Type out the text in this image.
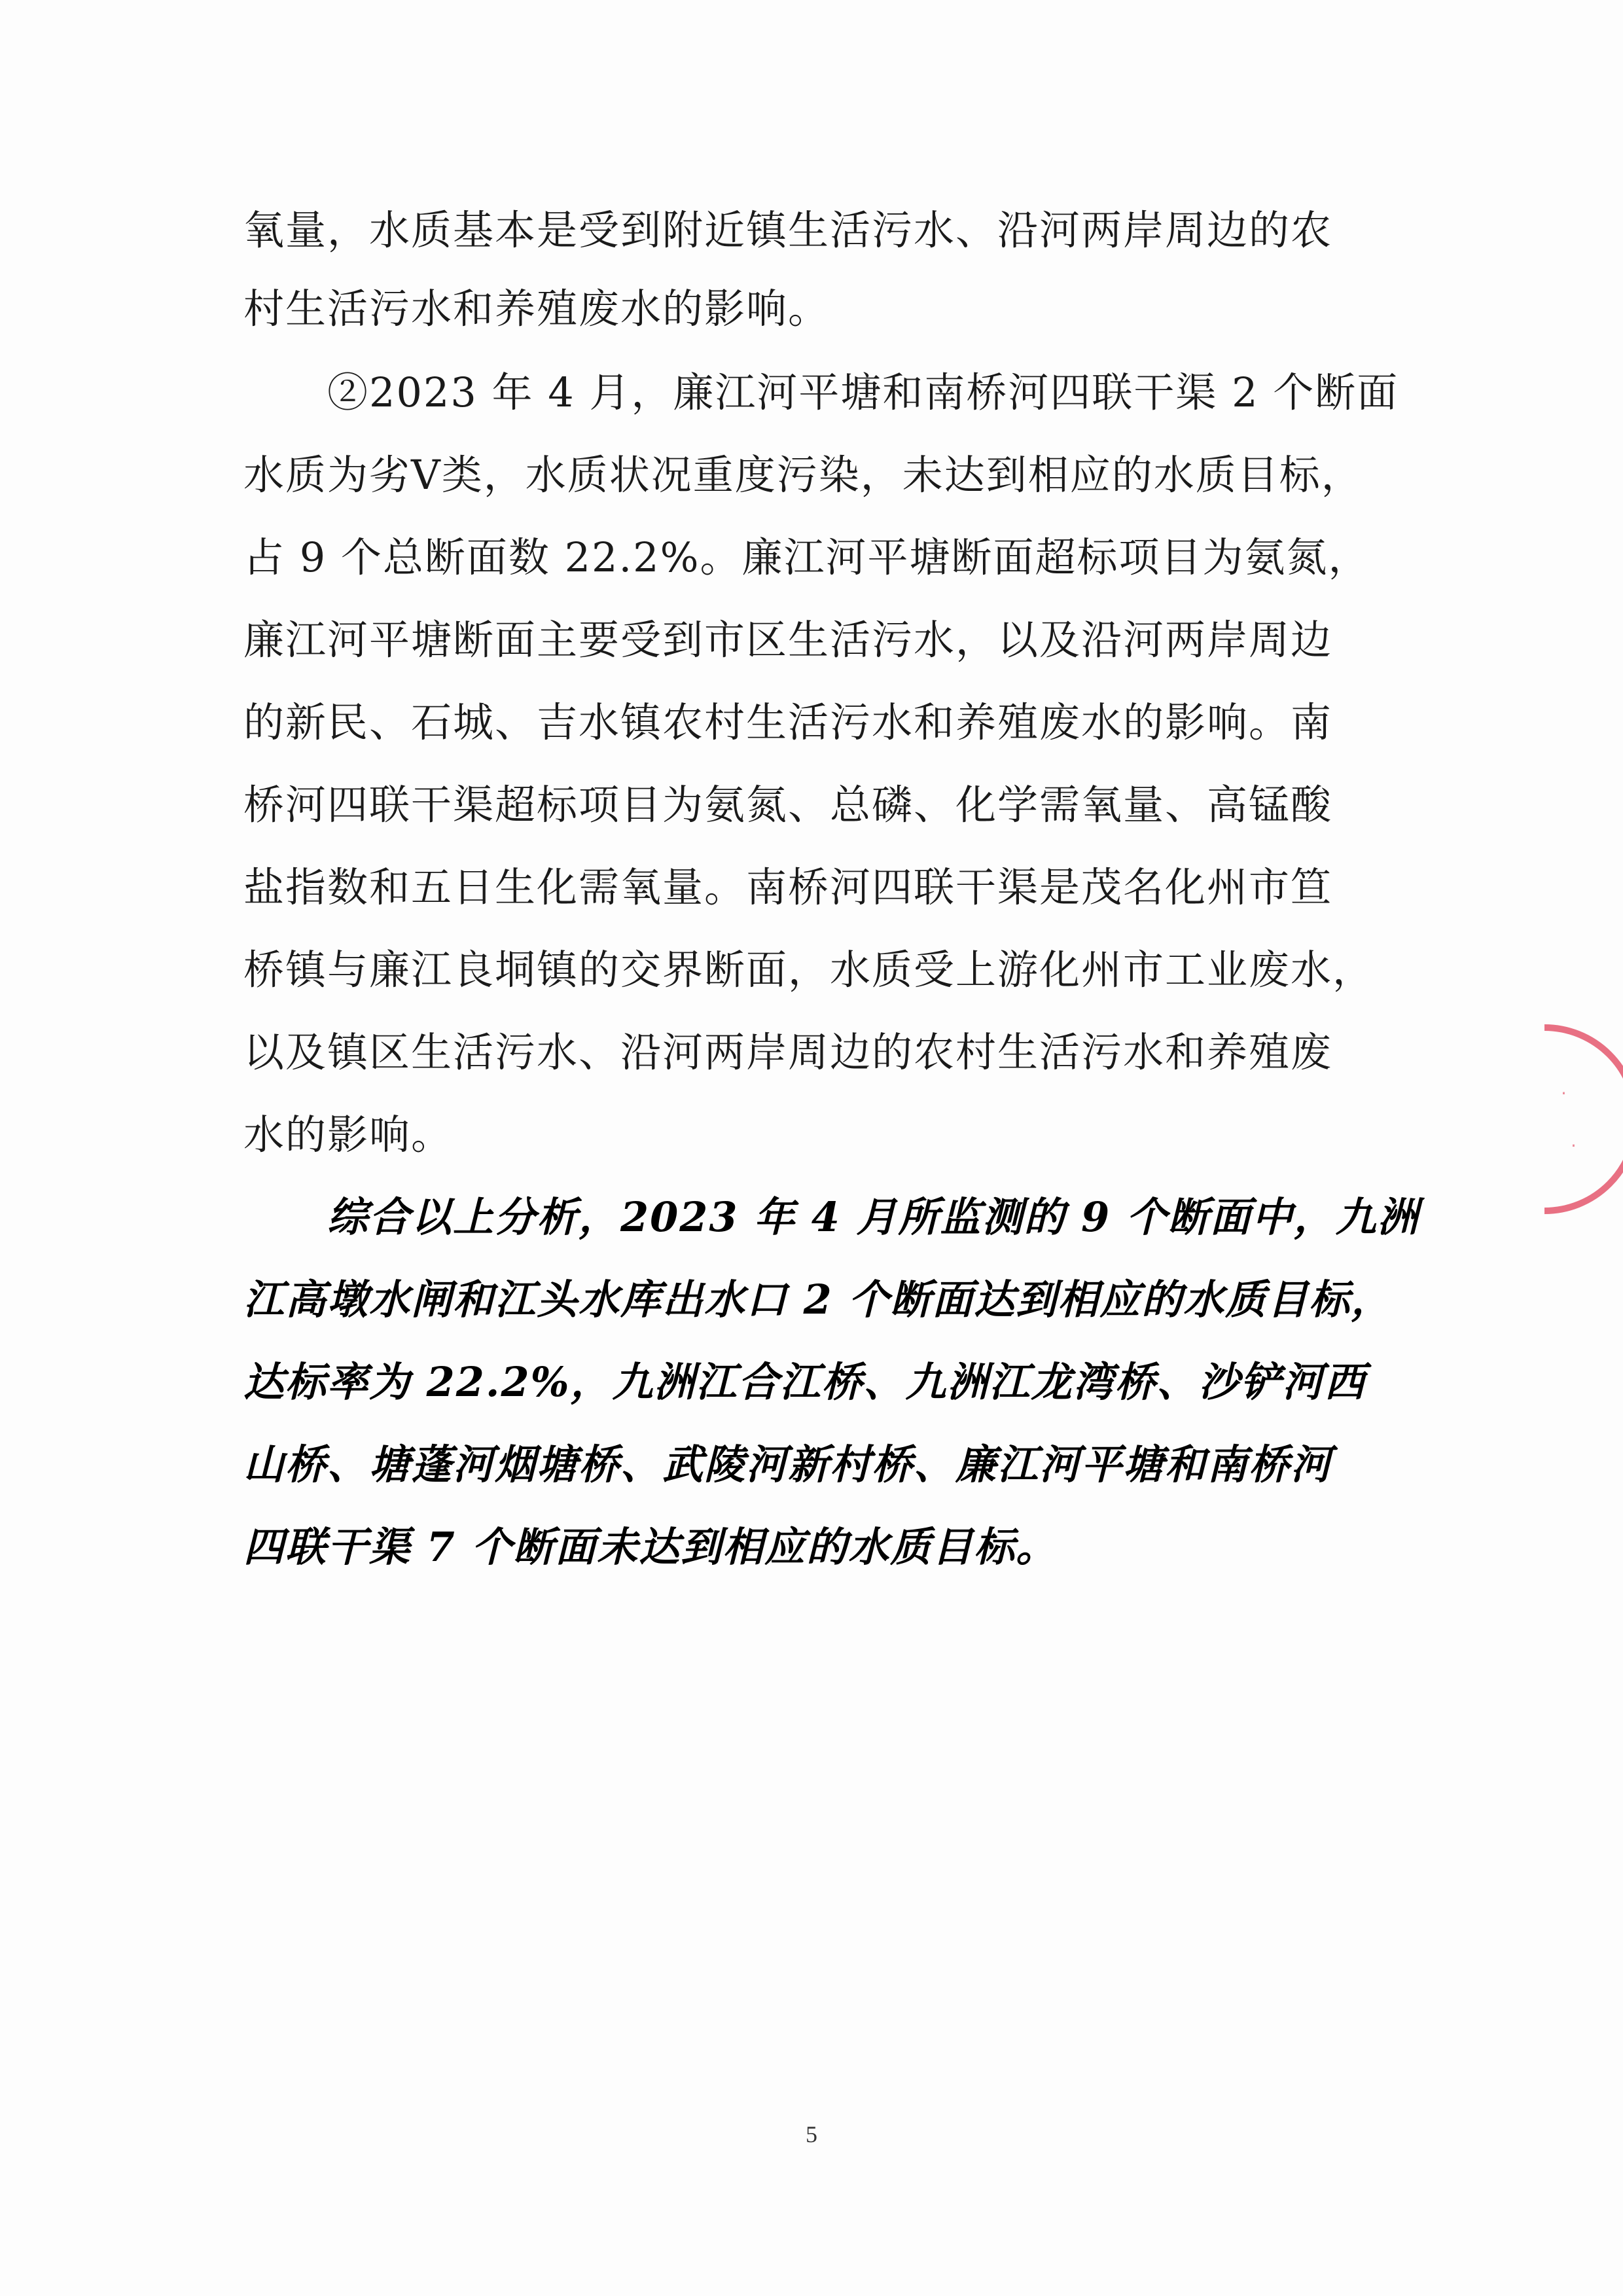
氧量，水质基本是受到附近镇生活污水、沿河两岸周边的农
村生活污水和养殖废水的影响。
②2023 年 4 月，廉江河平塘和南桥河四联干渠 2 个断面
水质为劣Ⅴ类，水质状况重度污染，未达到相应的水质目标，
占 9 个总断面数 22.2%。廉江河平塘断面超标项目为氨氮，
廉江河平塘断面主要受到市区生活污水，以及沿河两岸周边
的新民、石城、吉水镇农村生活污水和养殖废水的影响。南
桥河四联干渠超标项目为氨氮、总磷、化学需氧量、高锰酸
盐指数和五日生化需氧量。南桥河四联干渠是茂名化州市笪
桥镇与廉江良垌镇的交界断面，水质受上游化州市工业废水，
以及镇区生活污水、沿河两岸周边的农村生活污水和养殖废
水的影响。
综合以上分析，2023 年 4 月所监测的 9 个断面中，九洲
江高墩水闸和江头水库出水口 2 个断面达到相应的水质目标，
达标率为 22.2%，九洲江合江桥、九洲江龙湾桥、沙铲河西
山桥、塘蓬河烟塘桥、武陵河新村桥、廉江河平塘和南桥河
四联干渠 7 个断面未达到相应的水质目标。
·
·
5
